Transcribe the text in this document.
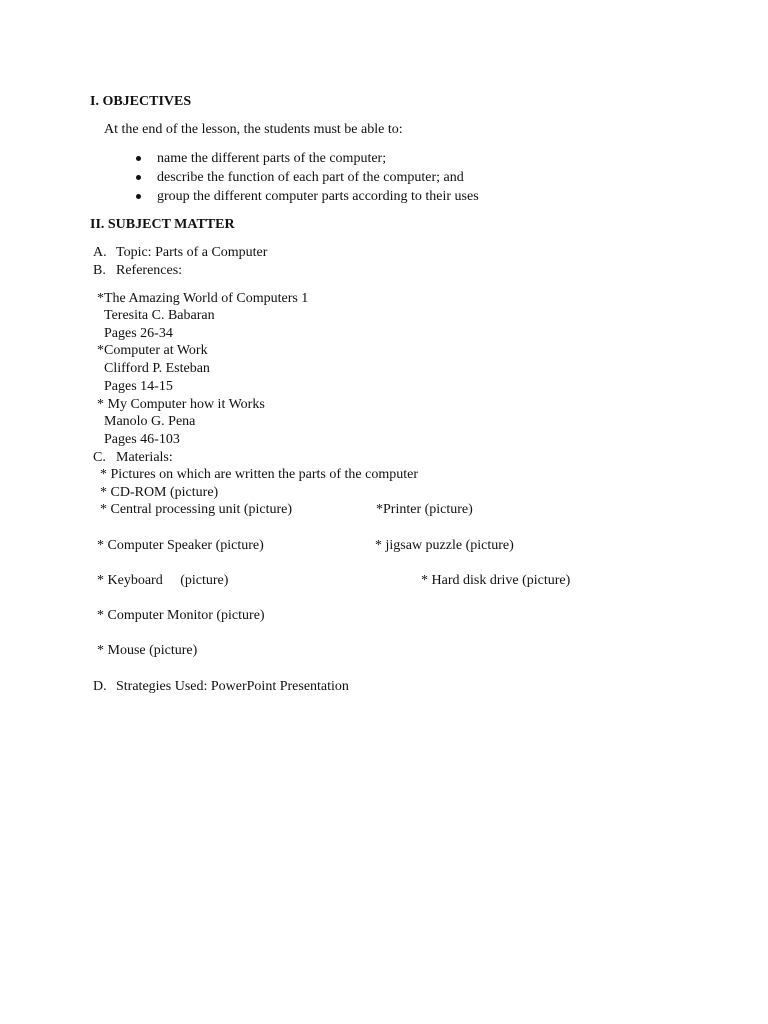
I. OBJECTIVES
At the end of the lesson, the students must be able to:
name the different parts of the computer;
describe the function of each part of the computer; and
group the different computer parts according to their uses
II. SUBJECT MATTER
A. Topic: Parts of a Computer
B. References:
*The Amazing World of Computers 1
Teresita C. Babaran
Pages 26-34
*Computer at Work
Clifford P. Esteban
Pages 14-15
* My Computer how it Works
Manolo G. Pena
Pages 46-103
C. Materials:
* Pictures on which are written the parts of the computer
* CD-ROM (picture)
* Central processing unit (picture)	*Printer (picture)
* Computer Speaker (picture)	* jigsaw puzzle (picture)
* Keyboard     (picture)	* Hard disk drive (picture)
* Computer Monitor (picture)
* Mouse (picture)
D. Strategies Used: PowerPoint Presentation
